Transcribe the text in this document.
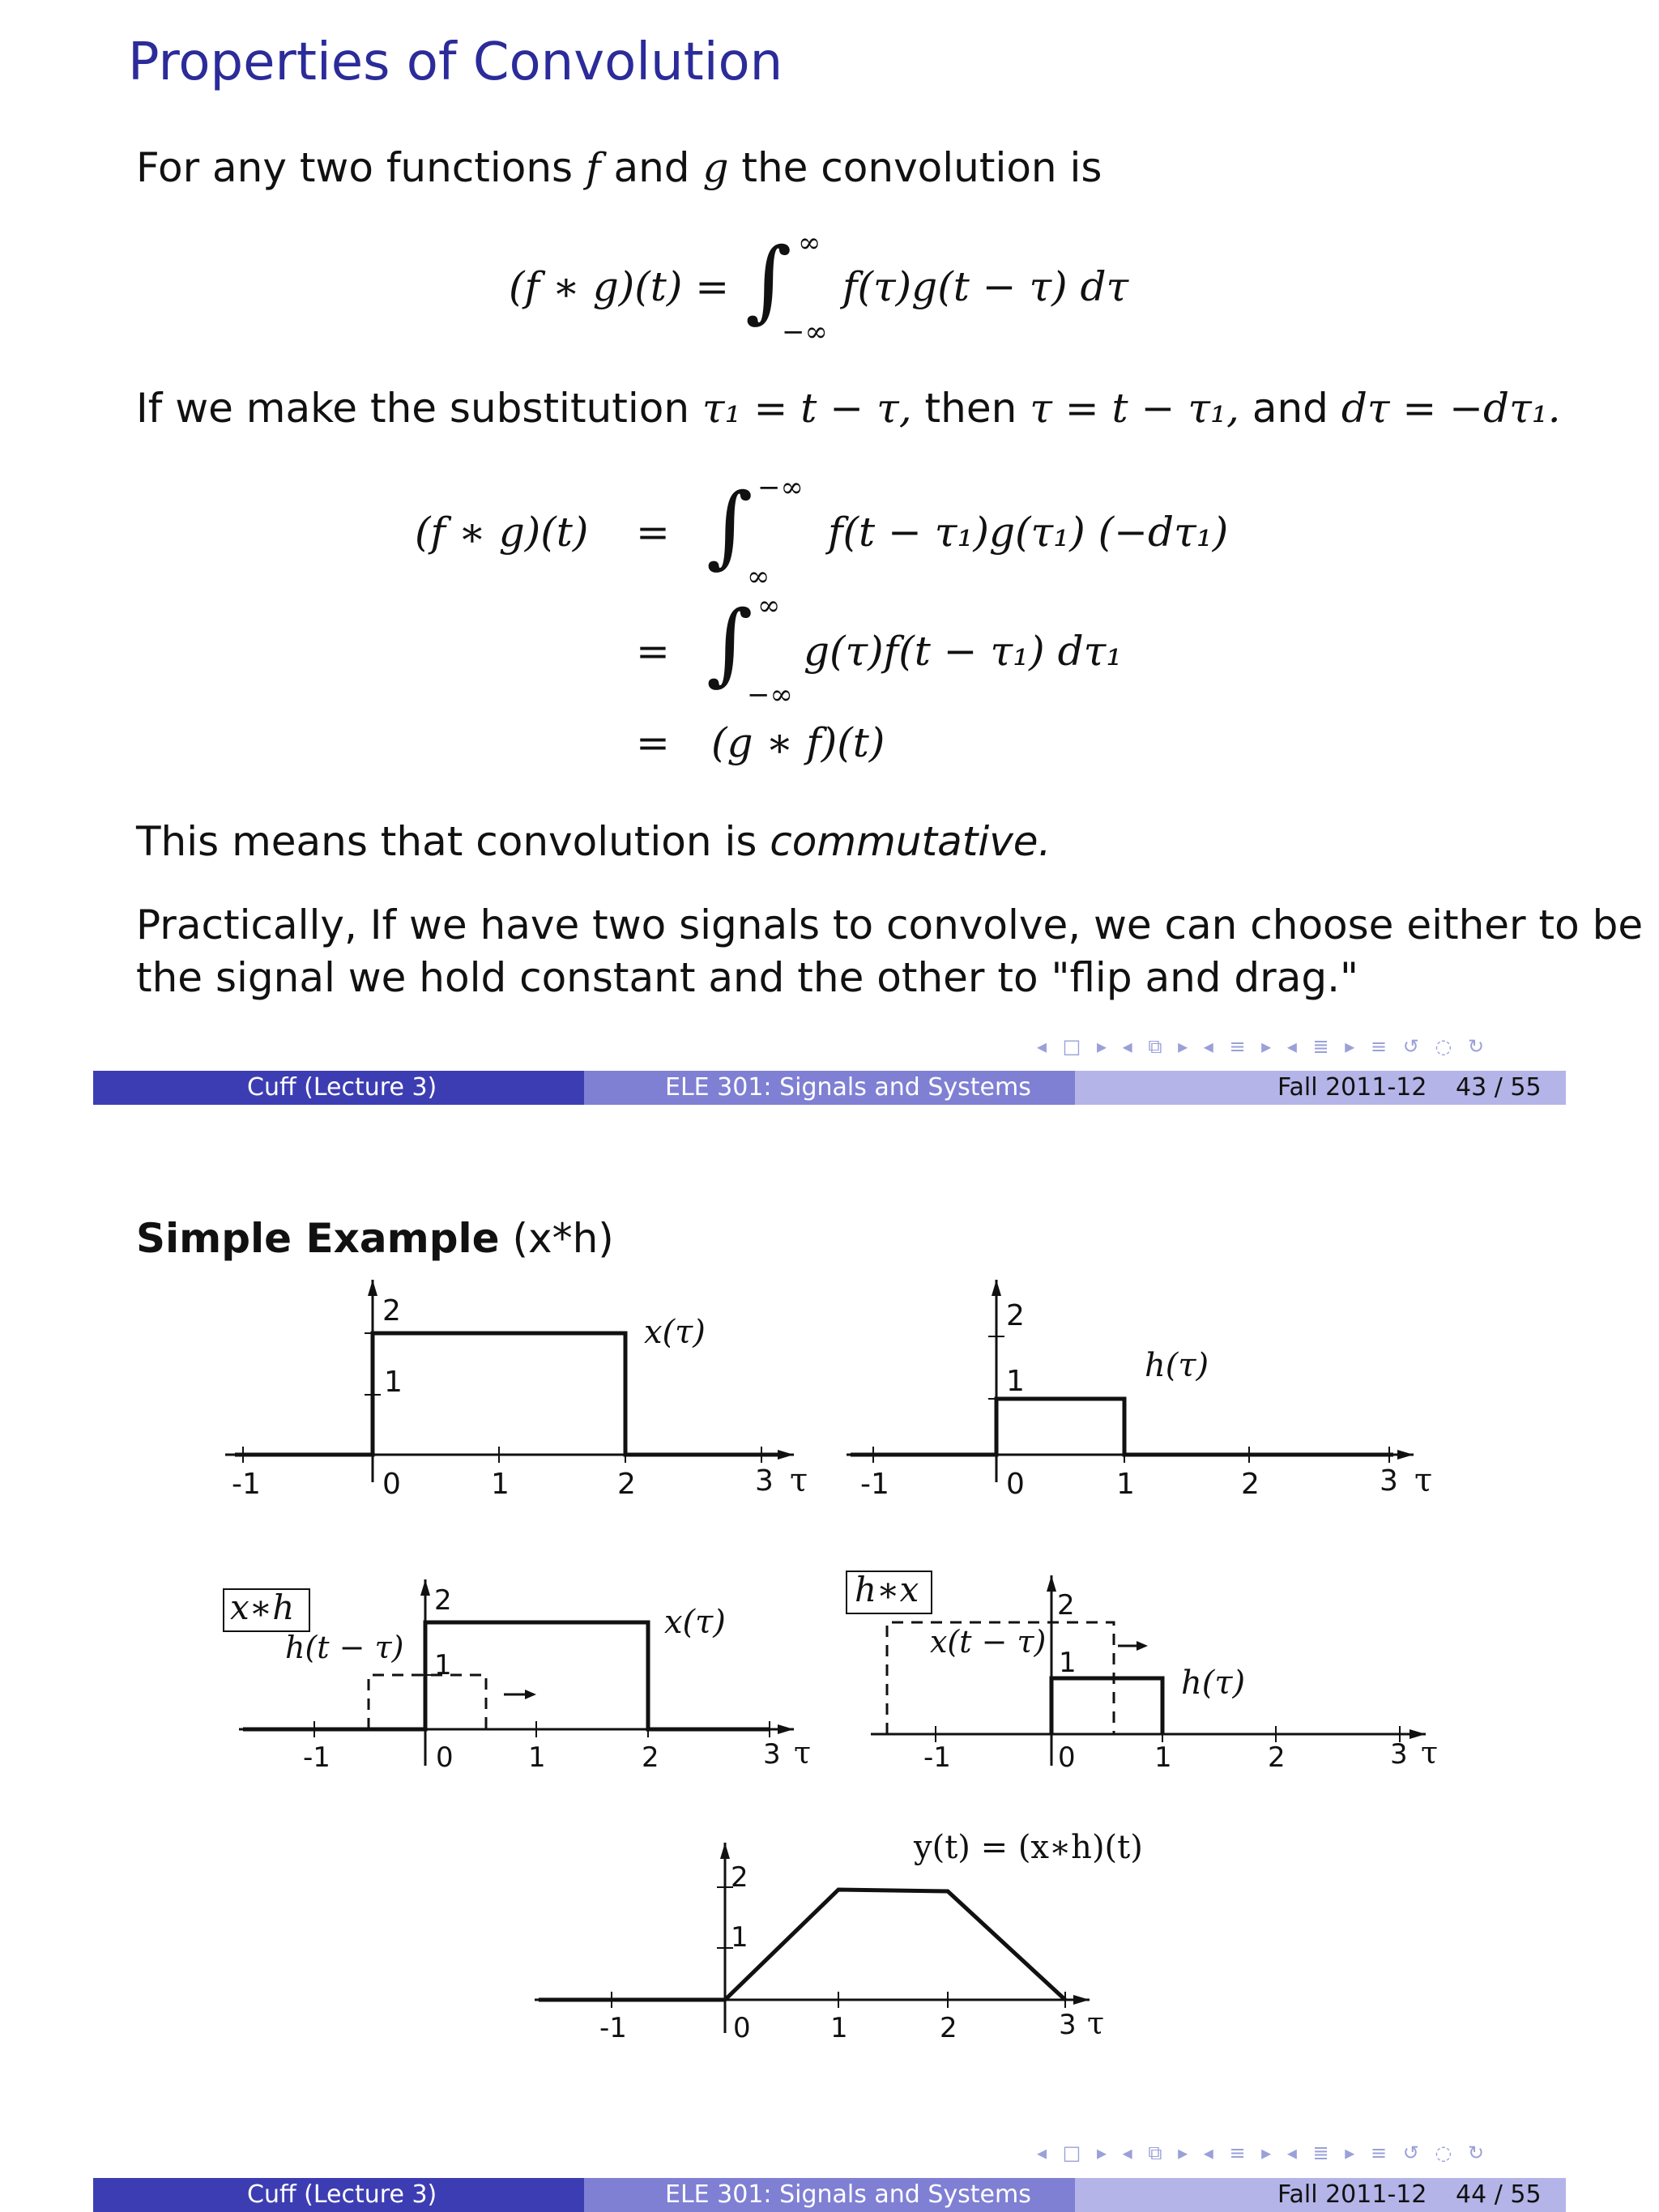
Properties of Convolution
For any two functions f and g the convolution is
(f ∗ g)(t) = ∫ ∞
−∞
f(τ)g(t − τ) dτ
If we make the substitution τ₁ = t − τ, then τ = t − τ₁, and dτ = −dτ₁.
(f ∗ g)(t) = ∫ −∞
∞
f(t − τ₁)g(τ₁) (−dτ₁)
= ∫ ∞
−∞
g(τ)f(t − τ₁) dτ₁
= (g ∗ f)(t)
This means that convolution is commutative.
Practically, If we have two signals to convolve, we can choose either to be
the signal we hold constant and the other to "flip and drag."
◂ □ ▸ ◂ ⧉ ▸ ◂ ≡ ▸ ◂ ≣ ▸ ≡ ↺ ◌ ↻
Cuff (Lecture 3)	ELE 301: Signals and Systems	Fall 2011-12 43 / 55
Simple Example (x*h)
x(τ)
2
1
-1	0	1	2	3 τ
h(τ)
2
1
-1	0	1	2	3 τ
x∗h
h(t − τ)
x(τ)
2
1
-1	0	1	2	3 τ
h∗x
x(t − τ)
h(τ)
2
1
-1	0	1	2	3 τ
y(t) = (x∗h)(t)
2
1
-1	0	1	2	3 τ
◂ □ ▸ ◂ ⧉ ▸ ◂ ≡ ▸ ◂ ≣ ▸ ≡ ↺ ◌ ↻
Cuff (Lecture 3)	ELE 301: Signals and Systems	Fall 2011-12 44 / 55
